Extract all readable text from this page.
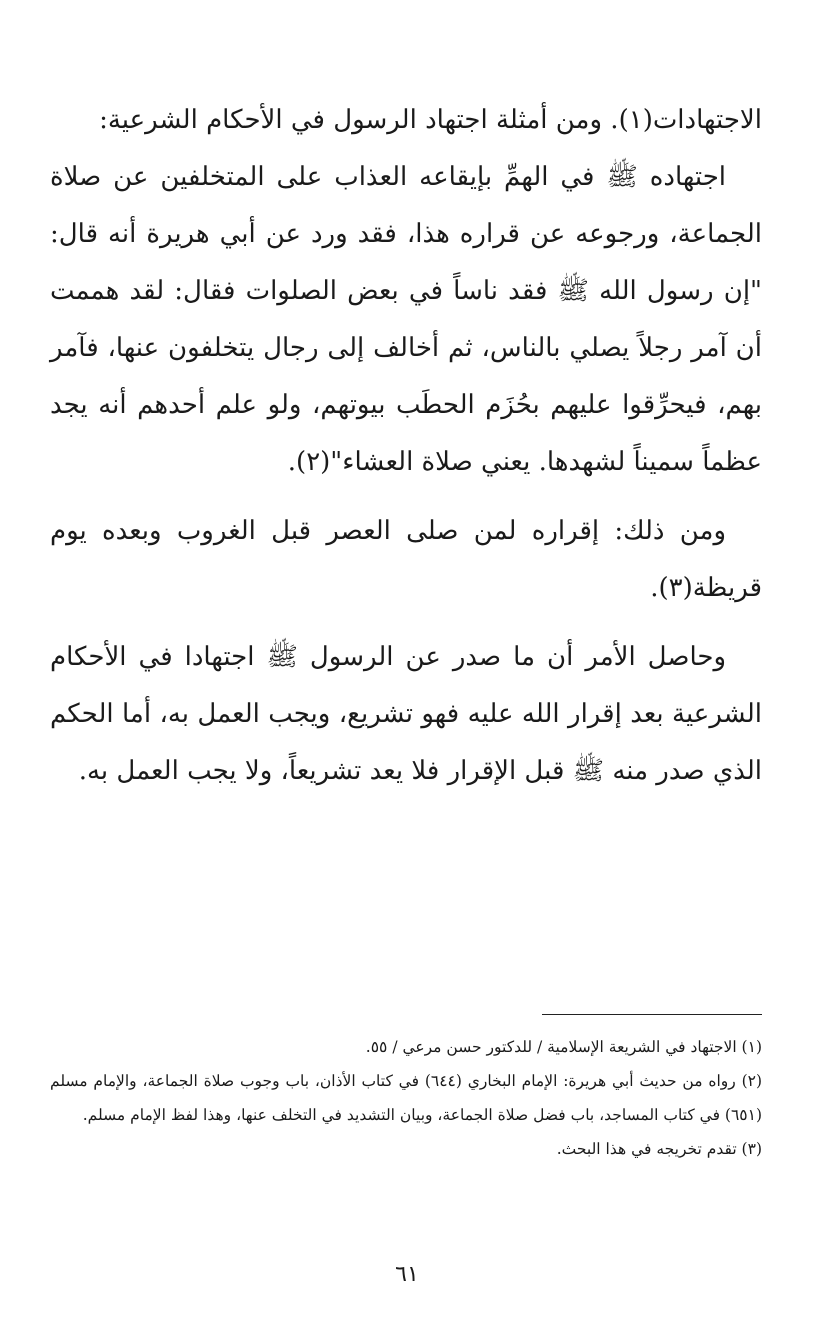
الاجتهادات(١). ومن أمثلة اجتهاد الرسول في الأحكام الشرعية:

اجتهاده ﷺ في الهمِّ بإيقاعه العذاب على المتخلفين عن صلاة الجماعة، ورجوعه عن قراره هذا، فقد ورد عن أبي هريرة أنه قال: "إن رسول الله ﷺ فقد ناساً في بعض الصلوات فقال: لقد هممت أن آمر رجلاً يصلي بالناس، ثم أخالف إلى رجال يتخلفون عنها، فآمر بهم، فيحرِّقوا عليهم بحُزَم الحطَب بيوتهم، ولو علم أحدهم أنه يجد عظماً سميناً لشهدها. يعني صلاة العشاء"(٢).

ومن ذلك: إقراره لمن صلى العصر قبل الغروب وبعده يوم قريظة(٣).

وحاصل الأمر أن ما صدر عن الرسول ﷺ اجتهادا في الأحكام الشرعية بعد إقرار الله عليه فهو تشريع، ويجب العمل به، أما الحكم الذي صدر منه ﷺ قبل الإقرار فلا يعد تشريعاً، ولا يجب العمل به.

(١) الاجتهاد في الشريعة الإسلامية / للدكتور حسن مرعي / ٥٥.

(٢) رواه من حديث أبي هريرة: الإمام البخاري (٦٤٤) في كتاب الأذان، باب وجوب صلاة الجماعة، والإمام مسلم (٦٥١) في كتاب المساجد، باب فضل صلاة الجماعة، وبيان التشديد في التخلف عنها، وهذا لفظ الإمام مسلم.

(٣) تقدم تخريجه في هذا البحث.

٦١
